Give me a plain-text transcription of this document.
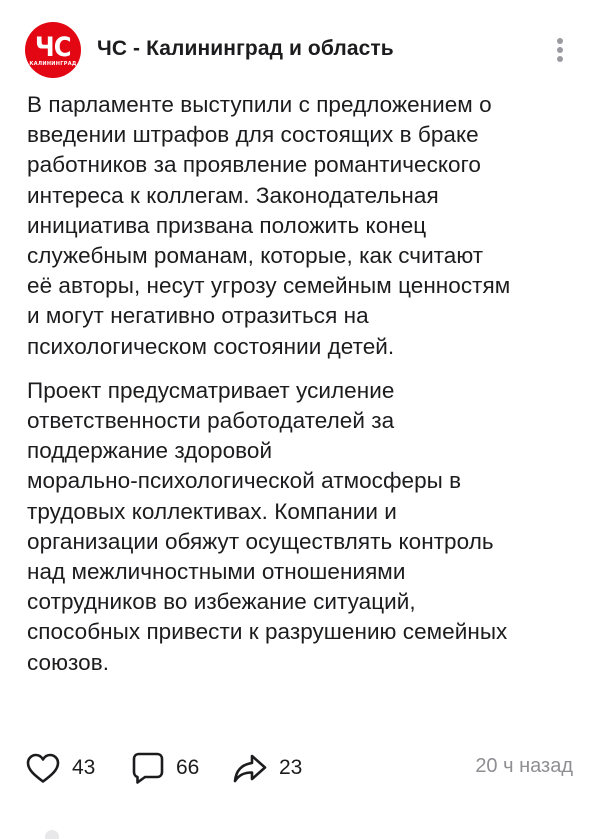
ЧС
КАЛИНИНГРАД
ЧС - Калининград и область

В парламенте выступили с предложением о
введении штрафов для состоящих в браке
работников за проявление романтического
интереса к коллегам. Законодательная
инициатива призвана положить конец
служебным романам, которые, как считают
её авторы, несут угрозу семейным ценностям
и могут негативно отразиться на
психологическом состоянии детей.

Проект предусматривает усиление
ответственности работодателей за
поддержание здоровой
морально-психологической атмосферы в
трудовых коллективах. Компании и
организации обяжут осуществлять контроль
над межличностными отношениями
сотрудников во избежание ситуаций,
способных привести к разрушению семейных
союзов.

43	66	23	20 ч назад
